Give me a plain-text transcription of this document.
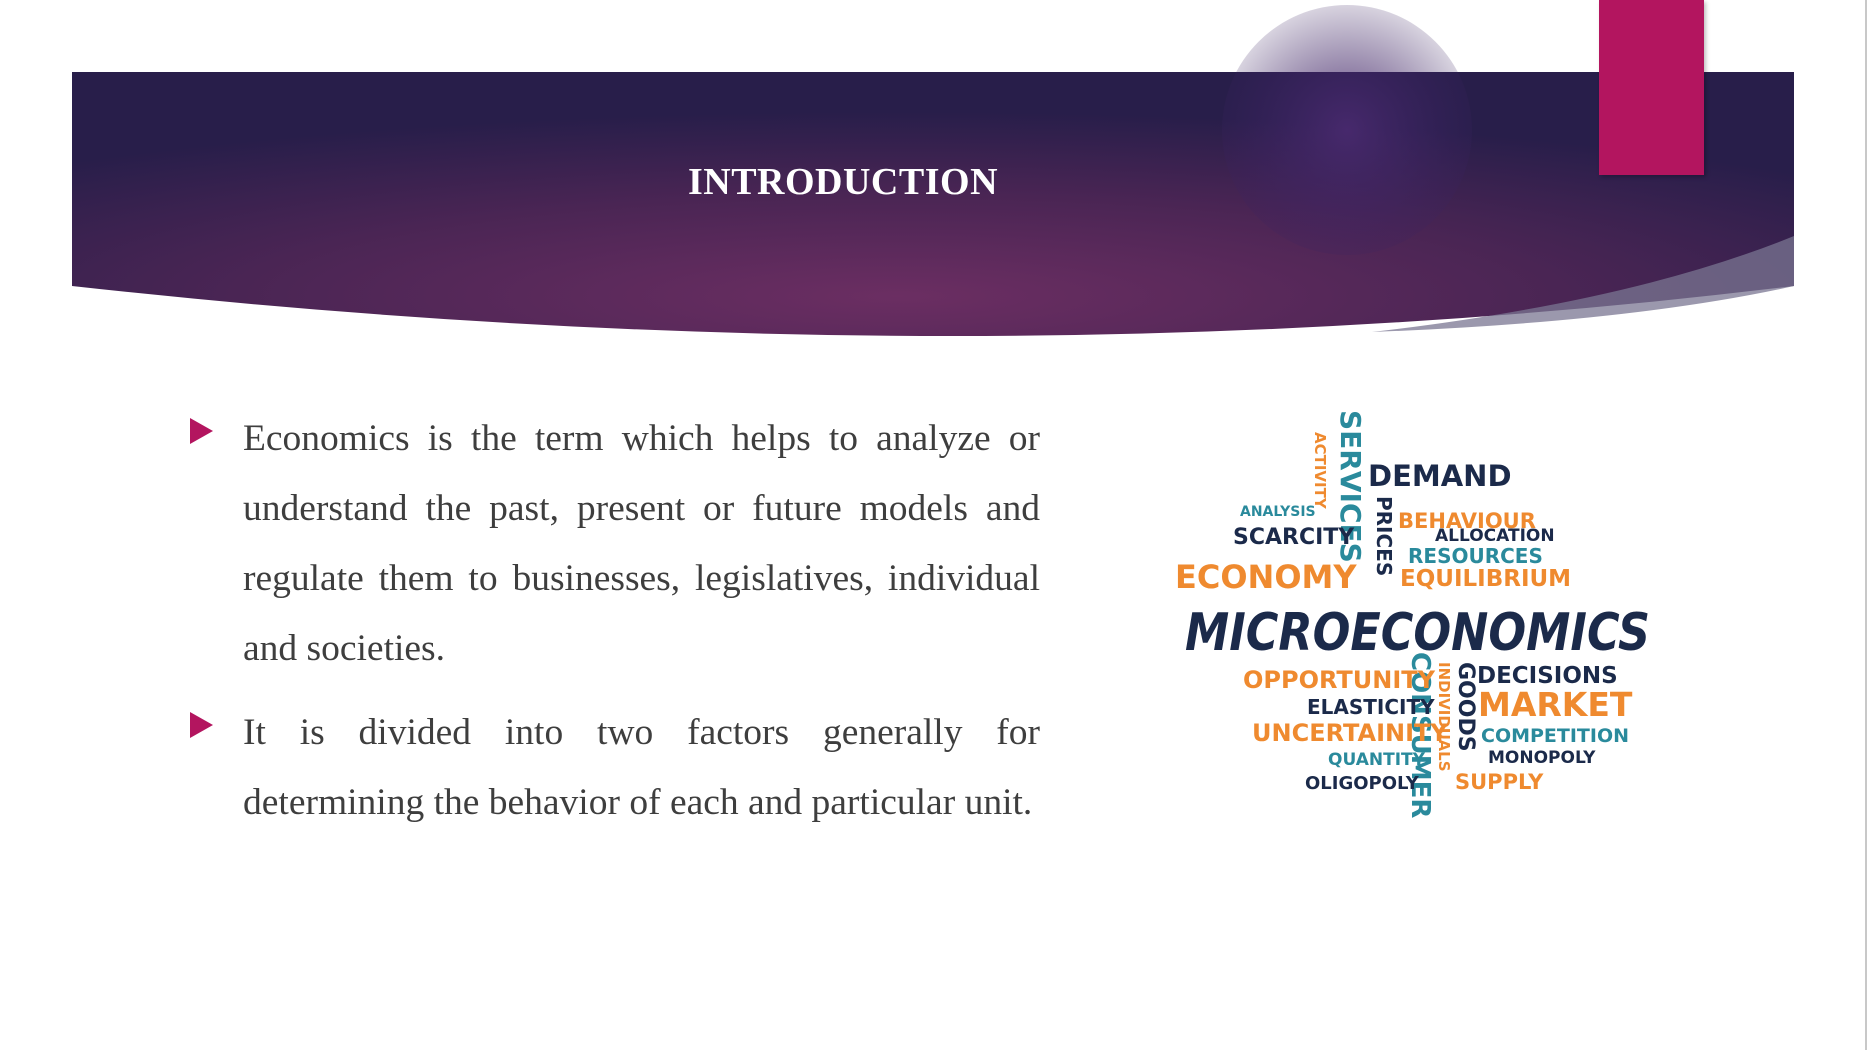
INTRODUCTION
Economics is the term which helps to analyze or understand the past, present or future models and regulate them to businesses, legislatives, individual and societies.
It is divided into two factors generally for determining the behavior of each and particular unit.
SERVICES
ACTIVITY
PRICES
CONSUMER INDIVIDUALS GOODS
DEMAND
ANALYSIS
SCARCITY
BEHAVIOUR
ALLOCATION
RESOURCES
ECONOMY EQUILIBRIUM
MICROECONOMICS
OPPORTUNITY DECISIONS
ELASTICITY MARKET
UNCERTAINITY COMPETITION
QUANTITY	MONOPOLY
OLIGOPOLY SUPPLY
